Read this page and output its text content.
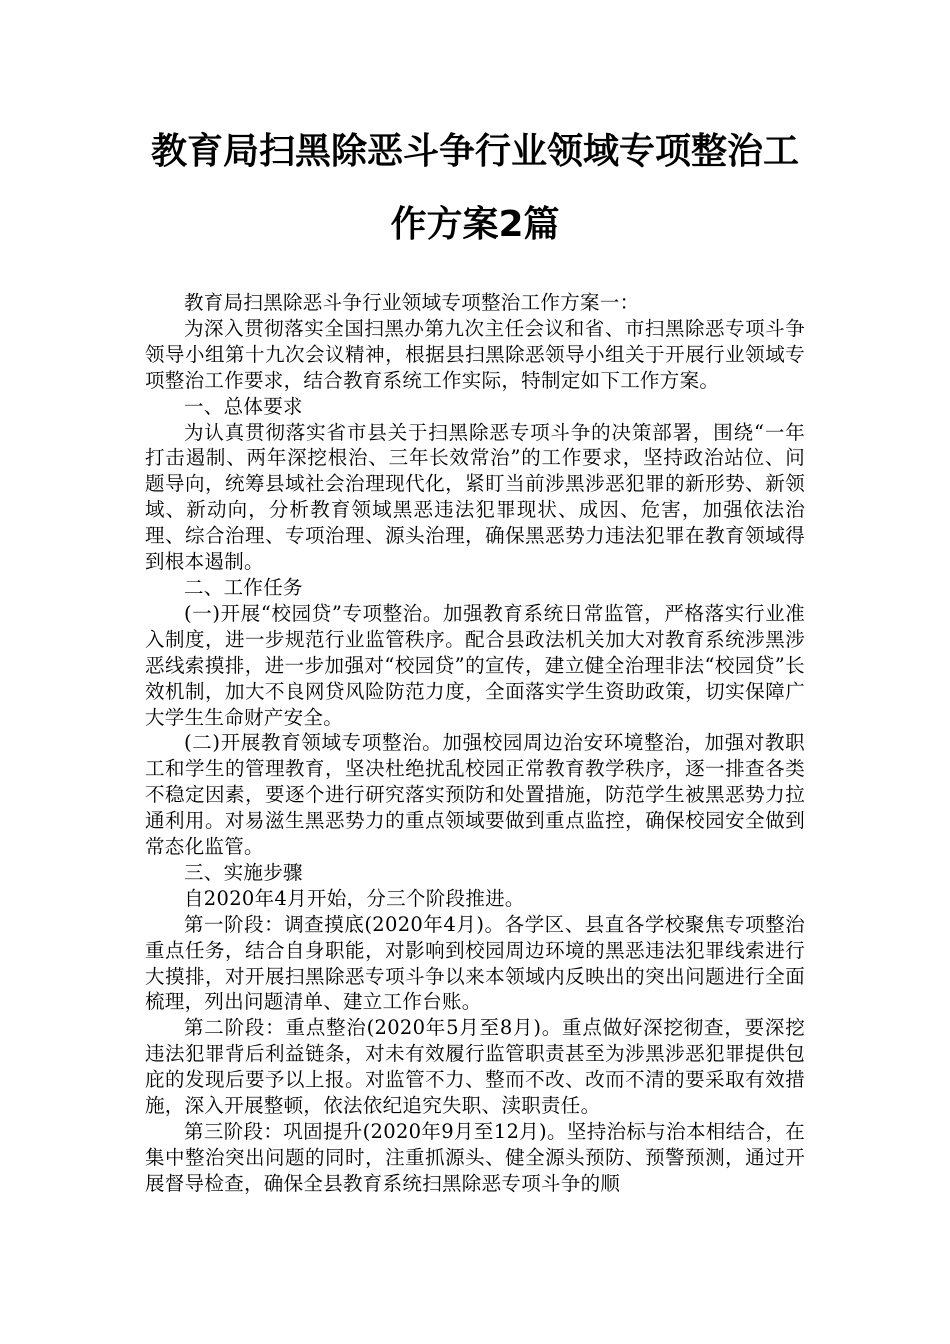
教育局扫黑除恶斗争行业领域专项整治工
作方案2篇

教育局扫黑除恶斗争行业领域专项整治工作方案一：

为深入贯彻落实全国扫黑办第九次主任会议和省、市扫黑除恶专项斗争领导小组第十九次会议精神，根据县扫黑除恶领导小组关于开展行业领域专项整治工作要求，结合教育系统工作实际，特制定如下工作方案。

一、总体要求

为认真贯彻落实省市县关于扫黑除恶专项斗争的决策部署，围绕“一年打击遏制、两年深挖根治、三年长效常治”的工作要求，坚持政治站位、问题导向，统筹县域社会治理现代化，紧盯当前涉黑涉恶犯罪的新形势、新领域、新动向，分析教育领域黑恶违法犯罪现状、成因、危害，加强依法治理、综合治理、专项治理、源头治理，确保黑恶势力违法犯罪在教育领域得到根本遏制。

二、工作任务

(一)开展“校园贷”专项整治。加强教育系统日常监管，严格落实行业准入制度，进一步规范行业监管秩序。配合县政法机关加大对教育系统涉黑涉恶线索摸排，进一步加强对“校园贷”的宣传，建立健全治理非法“校园贷”长效机制，加大不良网贷风险防范力度，全面落实学生资助政策，切实保障广大学生生命财产安全。

(二)开展教育领域专项整治。加强校园周边治安环境整治，加强对教职工和学生的管理教育，坚决杜绝扰乱校园正常教育教学秩序，逐一排查各类不稳定因素，要逐个进行研究落实预防和处置措施，防范学生被黑恶势力拉通利用。对易滋生黑恶势力的重点领域要做到重点监控，确保校园安全做到常态化监管。

三、实施步骤

自2020年4月开始，分三个阶段推进。

第一阶段：调查摸底(2020年4月)。各学区、县直各学校聚焦专项整治重点任务，结合自身职能，对影响到校园周边环境的黑恶违法犯罪线索进行大摸排，对开展扫黑除恶专项斗争以来本领域内反映出的突出问题进行全面梳理，列出问题清单、建立工作台账。

第二阶段：重点整治(2020年5月至8月)。重点做好深挖彻查，要深挖违法犯罪背后利益链条，对未有效履行监管职责甚至为涉黑涉恶犯罪提供包庇的发现后要予以上报。对监管不力、整而不改、改而不清的要采取有效措施，深入开展整顿，依法依纪追究失职、渎职责任。

第三阶段：巩固提升(2020年9月至12月)。坚持治标与治本相结合，在集中整治突出问题的同时，注重抓源头、健全源头预防、预警预测，通过开展督导检查，确保全县教育系统扫黑除恶专项斗争的顺
